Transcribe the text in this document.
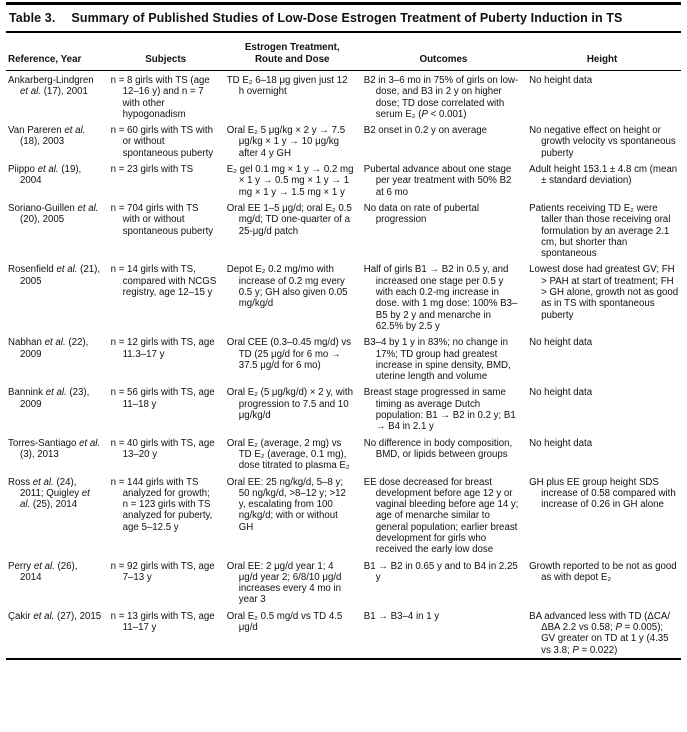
Table 3. Summary of Published Studies of Low-Dose Estrogen Treatment of Puberty Induction in TS
Reference, Year	Subjects	Estrogen Treatment, Route and Dose	Outcomes	Height
Ankarberg-Lindgren et al. (17), 2001	n = 8 girls with TS (age 12–16 y) and n = 7 with other hypogonadism	TD E₂ 6–18 μg given just 12 h overnight	B2 in 3–6 mo in 75% of girls on low-dose, and B3 in 2 y on higher dose; TD dose correlated with serum E₂ (P < 0.001)	No height data
Van Pareren et al. (18), 2003	n = 60 girls with TS with or without spontaneous puberty	Oral E₂ 5 μg/kg × 2 y → 7.5 μg/kg × 1 y → 10 μg/kg after 4 y GH	B2 onset in 0.2 y on average	No negative effect on height or growth velocity vs spontaneous puberty
Piippo et al. (19), 2004	n = 23 girls with TS	E₂ gel 0.1 mg × 1 y → 0.2 mg × 1 y → 0.5 mg × 1 y → 1 mg × 1 y → 1.5 mg × 1 y	Pubertal advance about one stage per year treatment with 50% B2 at 6 mo	Adult height 153.1 ± 4.8 cm (mean ± standard deviation)
Soriano-Guillen et al. (20), 2005	n = 704 girls with TS with or without spontaneous puberty	Oral EE 1–5 μg/d; oral E₂ 0.5 mg/d; TD one-quarter of a 25-μg/d patch	No data on rate of pubertal progression	Patients receiving TD E₂ were taller than those receiving oral formulation by an average 2.1 cm, but shorter than spontaneous
Rosenfield et al. (21), 2005	n = 14 girls with TS, compared with NCGS registry, age 12–15 y	Depot E₂ 0.2 mg/mo with increase of 0.2 mg every 0.5 y; GH also given 0.05 mg/kg/d	Half of girls B1 → B2 in 0.5 y, and increased one stage per 0.5 y with each 0.2-mg increase in dose. with 1 mg dose: 100% B3–B5 by 2 y and menarche in 62.5% by 2.5 y	Lowest dose had greatest GV; FH > PAH at start of treatment; FH > GH alone, growth not as good as in TS with spontaneous puberty
Nabhan et al. (22), 2009	n = 12 girls with TS, age 11.3–17 y	Oral CEE (0.3–0.45 mg/d) vs TD (25 μg/d for 6 mo → 37.5 μg/d for 6 mo)	B3–4 by 1 y in 83%; no change in 17%; TD group had greatest increase in spine density, BMD, uterine length and volume	No height data
Bannink et al. (23), 2009	n = 56 girls with TS, age 11–18 y	Oral E₂ (5 μg/kg/d) × 2 y, with progression to 7.5 and 10 μg/kg/d	Breast stage progressed in same timing as average Dutch population: B1 → B2 in 0.2 y; B1 → B4 in 2.1 y	No height data
Torres-Santiago et al. (3), 2013	n = 40 girls with TS, age 13–20 y	Oral E₂ (average, 2 mg) vs TD E₂ (average, 0.1 mg), dose titrated to plasma E₂	No difference in body composition, BMD, or lipids between groups	No height data
Ross et al. (24), 2011; Quigley et al. (25), 2014	n = 144 girls with TS analyzed for growth; n = 123 girls with TS analyzed for puberty, age 5–12.5 y	Oral EE: 25 ng/kg/d, 5–8 y; 50 ng/kg/d, >8–12 y; >12 y, escalating from 100 ng/kg/d; with or without GH	EE dose decreased for breast development before age 12 y or vaginal bleeding before age 14 y; age of menarche similar to general population; earlier breast development for girls who received the early low dose	GH plus EE group height SDS increase of 0.58 compared with increase of 0.26 in GH alone
Perry et al. (26), 2014	n = 92 girls with TS, age 7–13 y	Oral EE: 2 μg/d year 1; 4 μg/d year 2; 6/8/10 μg/d increases every 4 mo in year 3	B1 → B2 in 0.65 y and to B4 in 2.25 y	Growth reported to be not as good as with depot E₂
Çakir et al. (27), 2015	n = 13 girls with TS, age 11–17 y	Oral E₂ 0.5 mg/d vs TD 4.5 μg/d	B1 → B3–4 in 1 y	BA advanced less with TD (ΔCA/ΔBA 2.2 vs 0.58; P = 0.005); GV greater on TD at 1 y (4.35 vs 3.8; P = 0.022)
